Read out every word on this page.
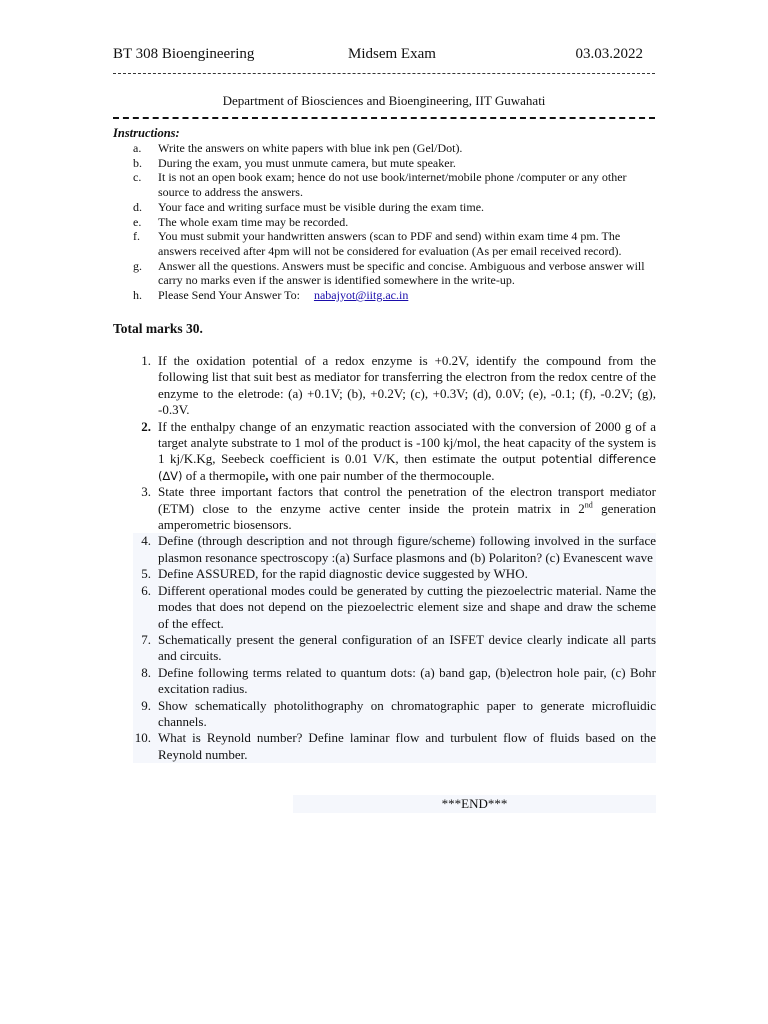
BT 308 Bioengineering	Midsem Exam	03.03.2022
Department of Biosciences and Bioengineering, IIT Guwahati
Instructions:
a. Write the answers on white papers with blue ink pen (Gel/Dot).
b. During the exam, you must unmute camera, but mute speaker.
c. It is not an open book exam; hence do not use book/internet/mobile phone /computer or any other source to address the answers.
d. Your face and writing surface must be visible during the exam time.
e. The whole exam time may be recorded.
f. You must submit your handwritten answers (scan to PDF and send) within exam time 4 pm. The answers received after 4pm will not be considered for evaluation (As per email received record).
g. Answer all the questions. Answers must be specific and concise. Ambiguous and verbose answer will carry no marks even if the answer is identified somewhere in the write-up.
h. Please Send Your Answer To: nabajyot@iitg.ac.in
Total marks 30.
1. If the oxidation potential of a redox enzyme is +0.2V, identify the compound from the following list that suit best as mediator for transferring the electron from the redox centre of the enzyme to the eletrode: (a) +0.1V; (b), +0.2V; (c), +0.3V; (d), 0.0V; (e), -0.1; (f), -0.2V; (g), -0.3V.
2. If the enthalpy change of an enzymatic reaction associated with the conversion of 2000 g of a target analyte substrate to 1 mol of the product is -100 kj/mol, the heat capacity of the system is 1 kj/K.Kg, Seebeck coefficient is 0.01 V/K, then estimate the output potential difference (∆V) of a thermopile, with one pair number of the thermocouple.
3. State three important factors that control the penetration of the electron transport mediator (ETM) close to the enzyme active center inside the protein matrix in 2nd generation amperometric biosensors.
4. Define (through description and not through figure/scheme) following involved in the surface plasmon resonance spectroscopy :(a) Surface plasmons and (b) Polariton? (c) Evanescent wave
5. Define ASSURED, for the rapid diagnostic device suggested by WHO.
6. Different operational modes could be generated by cutting the piezoelectric material. Name the modes that does not depend on the piezoelectric element size and shape and draw the scheme of the effect.
7. Schematically present the general configuration of an ISFET device clearly indicate all parts and circuits.
8. Define following terms related to quantum dots: (a) band gap, (b)electron hole pair, (c) Bohr excitation radius.
9. Show schematically photolithography on chromatographic paper to generate microfluidic channels.
10. What is Reynold number? Define laminar flow and turbulent flow of fluids based on the Reynold number.
***END***
